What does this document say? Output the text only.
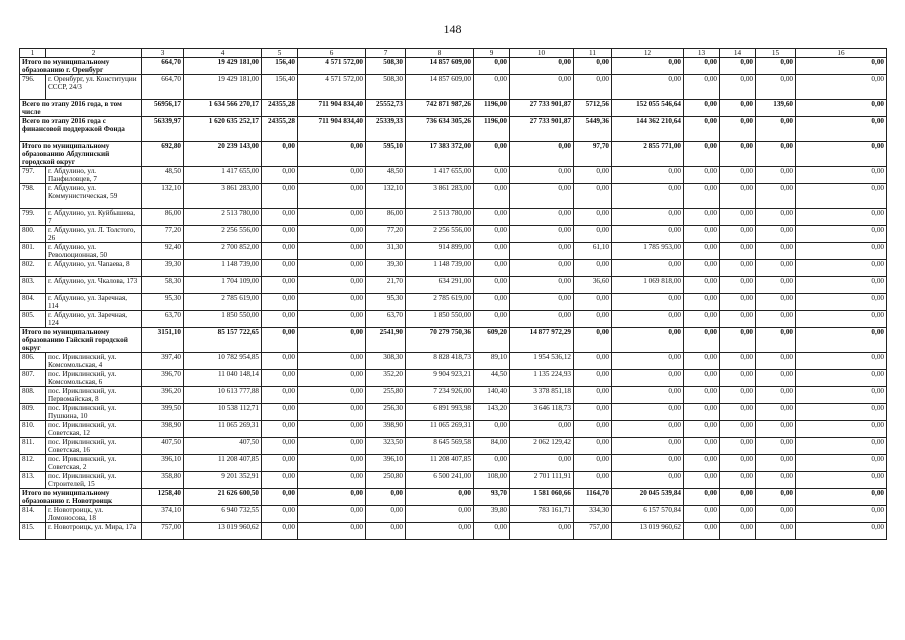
148
1	2	3	4	5	6	7	8	9	10	11	12	13	14	15	16
Итого по муниципальному образованию г. Оренбург		664,70	19 429 181,00	156,40	4 571 572,00	508,30	14 857 609,00	0,00	0,00	0,00	0,00	0,00	0,00	0,00	0,00
796.	г. Оренбург, ул. Конституции СССР, 24/3	664,70	19 429 181,00	156,40	4 571 572,00	508,30	14 857 609,00	0,00	0,00	0,00	0,00	0,00	0,00	0,00	0,00
Всего по этапу 2016 года, в том числе		56956,17	1 634 566 270,17	24355,28	711 904 834,40	25552,73	742 871 987,26	1196,00	27 733 901,87	5712,56	152 055 546,64	0,00	0,00	139,60	0,00
Всего по этапу 2016 года с финансовой поддержкой Фонда		56339,97	1 620 635 252,17	24355,28	711 904 834,40	25339,33	736 634 305,26	1196,00	27 733 901,87	5449,36	144 362 210,64	0,00	0,00	0,00	0,00
Итого по муниципальному образованию Абдулинский городской округ		692,80	20 239 143,00	0,00	0,00	595,10	17 383 372,00	0,00	0,00	97,70	2 855 771,00	0,00	0,00	0,00	0,00
797.	г. Абдулино, ул. Панфиловцев, 7	48,50	1 417 655,00	0,00	0,00	48,50	1 417 655,00	0,00	0,00	0,00	0,00	0,00	0,00	0,00	0,00
798.	г. Абдулино, ул. Коммунистическая, 59	132,10	3 861 283,00	0,00	0,00	132,10	3 861 283,00	0,00	0,00	0,00	0,00	0,00	0,00	0,00	0,00
799.	г. Абдулино, ул. Куйбышева, 7	86,00	2 513 780,00	0,00	0,00	86,00	2 513 780,00	0,00	0,00	0,00	0,00	0,00	0,00	0,00	0,00
800.	г. Абдулино, ул. Л. Толстого, 26	77,20	2 256 556,00	0,00	0,00	77,20	2 256 556,00	0,00	0,00	0,00	0,00	0,00	0,00	0,00	0,00
801.	г. Абдулино, ул. Революционная, 50	92,40	2 700 852,00	0,00	0,00	31,30	914 899,00	0,00	0,00	61,10	1 785 953,00	0,00	0,00	0,00	0,00
802.	г. Абдулино, ул. Чапаева, 8	39,30	1 148 739,00	0,00	0,00	39,30	1 148 739,00	0,00	0,00	0,00	0,00	0,00	0,00	0,00	0,00
803.	г. Абдулино, ул. Чкалова, 173	58,30	1 704 109,00	0,00	0,00	21,70	634 291,00	0,00	0,00	36,60	1 069 818,00	0,00	0,00	0,00	0,00
804.	г. Абдулино, ул. Заречная, 114	95,30	2 785 619,00	0,00	0,00	95,30	2 785 619,00	0,00	0,00	0,00	0,00	0,00	0,00	0,00	0,00
805.	г. Абдулино, ул. Заречная, 124	63,70	1 850 550,00	0,00	0,00	63,70	1 850 550,00	0,00	0,00	0,00	0,00	0,00	0,00	0,00	0,00
Итого по муниципальному образованию Гайский городской округ		3151,10	85 157 722,65	0,00	0,00	2541,90	70 279 750,36	609,20	14 877 972,29	0,00	0,00	0,00	0,00	0,00	0,00
806.	пос. Ириклинский, ул. Комсомольская, 4	397,40	10 782 954,85	0,00	0,00	308,30	8 828 418,73	89,10	1 954 536,12	0,00	0,00	0,00	0,00	0,00	0,00
807.	пос. Ириклинский, ул. Комсомольская, 6	396,70	11 040 148,14	0,00	0,00	352,20	9 904 923,21	44,50	1 135 224,93	0,00	0,00	0,00	0,00	0,00	0,00
808.	пос. Ириклинский, ул. Первомайская, 8	396,20	10 613 777,88	0,00	0,00	255,80	7 234 926,00	140,40	3 378 851,18	0,00	0,00	0,00	0,00	0,00	0,00
809.	пос. Ириклинский, ул. Пушкина, 10	399,50	10 538 112,71	0,00	0,00	256,30	6 891 993,98	143,20	3 646 118,73	0,00	0,00	0,00	0,00	0,00	0,00
810.	пос. Ириклинский, ул. Советская, 12	398,90	11 065 269,31	0,00	0,00	398,90	11 065 269,31	0,00	0,00	0,00	0,00	0,00	0,00	0,00	0,00
811.	пос. Ириклинский, ул. Советская, 16	407,50	407,50	0,00	0,00	323,50	8 645 569,58	84,00	2 062 129,42	0,00	0,00	0,00	0,00	0,00	0,00
812.	пос. Ириклинский, ул. Советская, 2	396,10	11 208 407,85	0,00	0,00	396,10	11 208 407,85	0,00	0,00	0,00	0,00	0,00	0,00	0,00	0,00
813.	пос. Ириклинский, ул. Строителей, 15	358,80	9 201 352,91	0,00	0,00	250,80	6 500 241,00	108,00	2 701 111,91	0,00	0,00	0,00	0,00	0,00	0,00
Итого по муниципальному образованию г. Новотроицк		1258,40	21 626 600,50	0,00	0,00	0,00	0,00	93,70	1 581 060,66	1164,70	20 045 539,84	0,00	0,00	0,00	0,00
814.	г. Новотроицк, ул. Ломоносова, 18	374,10	6 940 732,55	0,00	0,00	0,00	0,00	39,80	783 161,71	334,30	6 157 570,84	0,00	0,00	0,00	0,00
815.	г. Новотроицк, ул. Мира, 17а	757,00	13 019 960,62	0,00	0,00	0,00	0,00	0,00	0,00	757,00	13 019 960,62	0,00	0,00	0,00	0,00
